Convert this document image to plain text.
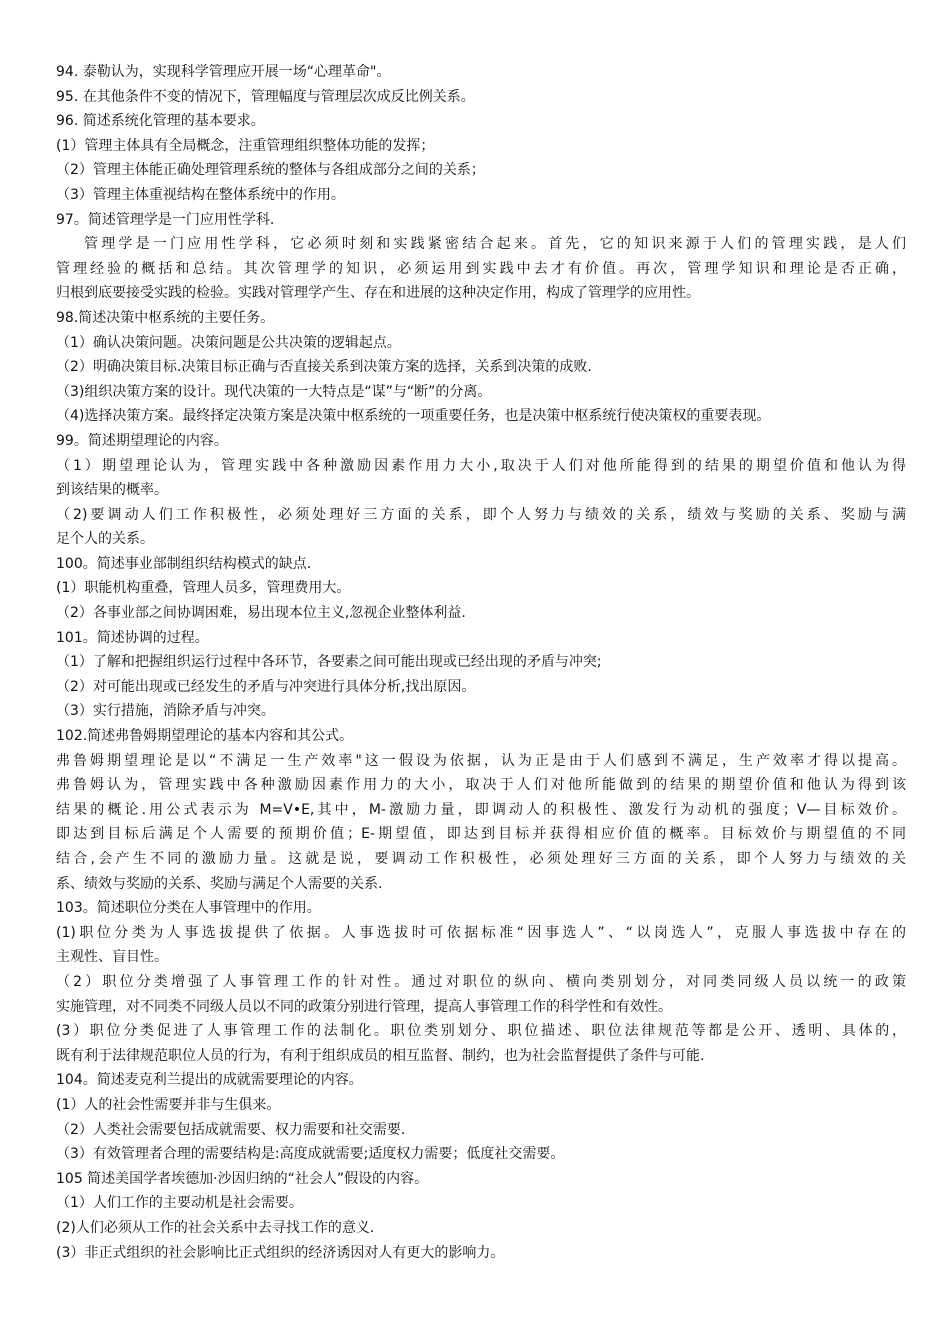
94. 泰勒认为，实现科学管理应开展一场“心理革命"。

95. 在其他条件不变的情况下，管理幅度与管理层次成反比例关系。

96. 简述系统化管理的基本要求。

(1）管理主体具有全局概念，注重管理组织整体功能的发挥；

（2）管理主体能正确处理管理系统的整体与各组成部分之间的关系；

（3）管理主体重视结构在整体系统中的作用。

97。简述管理学是一门应用性学科.

管理学是一门应用性学科，它必须时刻和实践紧密结合起来。首先，它的知识来源于人们的管理实践，是人们

管理经验的概括和总结。其次管理学的知识，必须运用到实践中去才有价值。再次，管理学知识和理论是否正确，

归根到底要接受实践的检验。实践对管理学产生、存在和进展的这种决定作用，构成了管理学的应用性。

98.简述决策中枢系统的主要任务。

（1）确认决策问题。决策问题是公共决策的逻辑起点。

（2）明确决策目标.决策目标正确与否直接关系到决策方案的选择，关系到决策的成败.

（3)组织决策方案的设计。现代决策的一大特点是“谋”与“断”的分离。

（4)选择决策方案。最终择定决策方案是决策中枢系统的一项重要任务，也是决策中枢系统行使决策权的重要表现。

99。简述期望理论的内容。

（1）期望理论认为，管理实践中各种激励因素作用力大小,取决于人们对他所能得到的结果的期望价值和他认为得

到该结果的概率。

（2)要调动人们工作积极性，必须处理好三方面的关系，即个人努力与绩效的关系，绩效与奖励的关系、奖励与满

足个人的关系。

100。简述事业部制组织结构模式的缺点.

(1）职能机构重叠，管理人员多，管理费用大。

（2）各事业部之间协调困难，易出现本位主义,忽视企业整体利益.

101。简述协调的过程。

（1）了解和把握组织运行过程中各环节，各要素之间可能出现或已经出现的矛盾与冲突;

（2）对可能出现或已经发生的矛盾与冲突进行具体分析,找出原因。

（3）实行措施，消除矛盾与冲突。

102.简述弗鲁姆期望理论的基本内容和其公式。

弗鲁姆期望理论是以“不满足一生产效率"这一假设为依据，认为正是由于人们感到不满足，生产效率才得以提高。

弗鲁姆认为，管理实践中各种激励因素作用力的大小，取决于人们对他所能做到的结果的期望价值和他认为得到该

结果的概论.用公式表示为 M=V•E,其中，M-激励力量，即调动人的积极性、激发行为动机的强度；V—目标效价。

即达到目标后满足个人需要的预期价值；E-期望值，即达到目标并获得相应价值的概率。目标效价与期望值的不同

结合,会产生不同的激励力量。这就是说，要调动工作积极性，必须处理好三方面的关系，即个人努力与绩效的关

系、绩效与奖励的关系、奖励与满足个人需要的关系.

103。简述职位分类在人事管理中的作用。

(1)职位分类为人事选拔提供了依据。人事选拔时可依据标准“因事选人”、“以岗选人”，克服人事选拔中存在的

主观性、盲目性。

（2）职位分类增强了人事管理工作的针对性。通过对职位的纵向、横向类别划分，对同类同级人员以统一的政策

实施管理，对不同类不同级人员以不同的政策分别进行管理，提高人事管理工作的科学性和有效性。

(3）职位分类促进了人事管理工作的法制化。职位类别划分、职位描述、职位法律规范等都是公开、透明、具体的，

既有利于法律规范职位人员的行为，有利于组织成员的相互监督、制约，也为社会监督提供了条件与可能.

104。简述麦克利兰提出的成就需要理论的内容。

(1）人的社会性需要并非与生俱来。

（2）人类社会需要包括成就需要、权力需要和社交需要.

（3）有效管理者合理的需要结构是:高度成就需要;适度权力需要；低度社交需要。

105 简述美国学者埃德加·沙因归纳的“社会人”假设的内容。

（1）人们工作的主要动机是社会需要。

(2)人们必须从工作的社会关系中去寻找工作的意义.

(3）非正式组织的社会影响比正式组织的经济诱因对人有更大的影响力。
